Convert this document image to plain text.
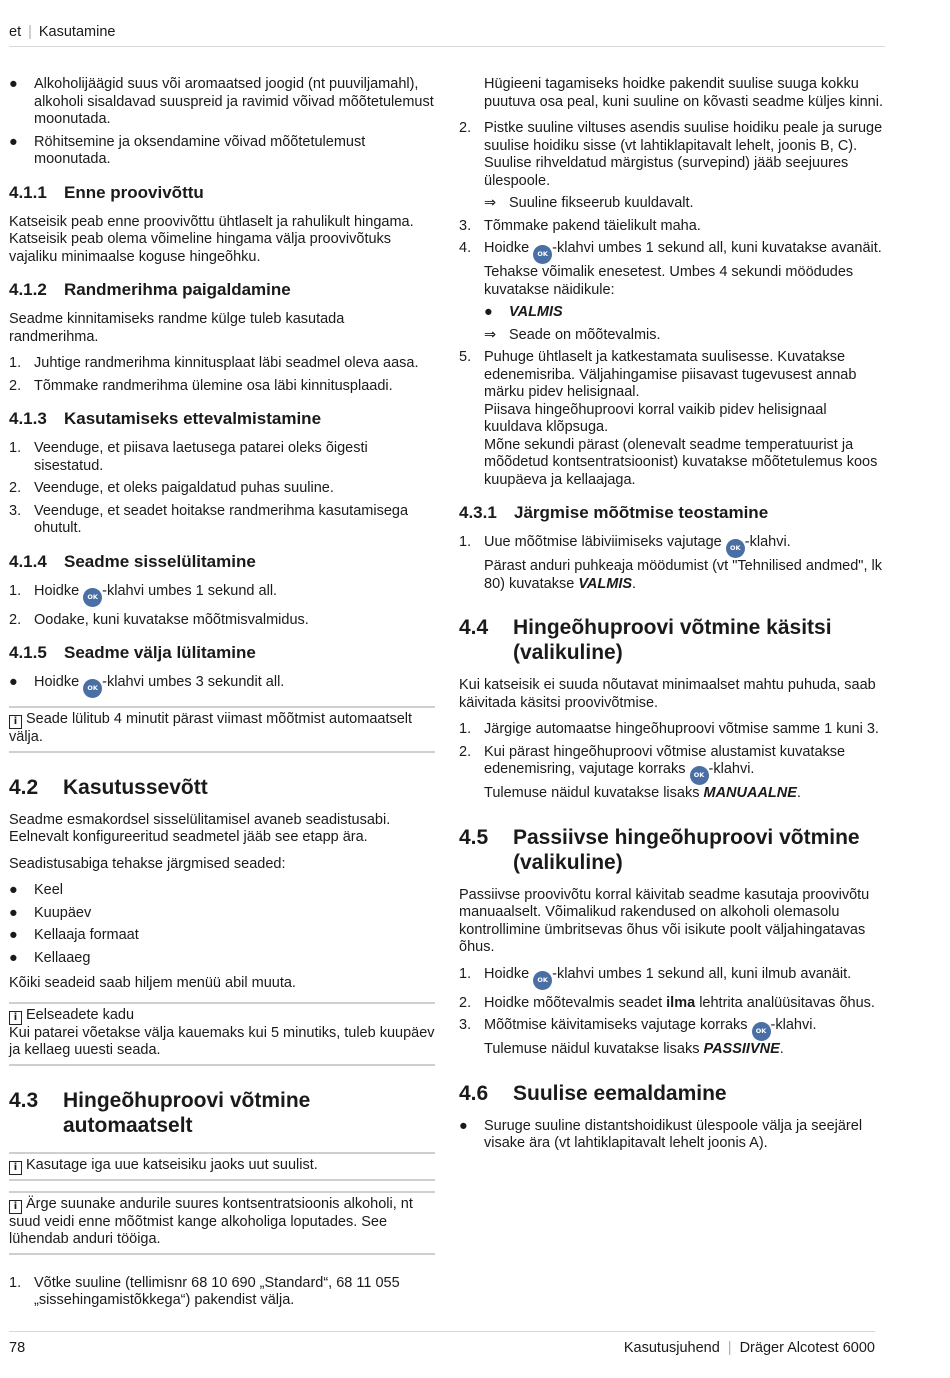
et | Kasutamine
● Alkoholijäägid suus või aromaatsed joogid (nt puuviljamahl), alkoholi sisaldavad suuspreid ja ravimid võivad mõõtetulemust moonutada.
● Röhitsemine ja oksendamine võivad mõõtetulemust moonutada.
4.1.1 Enne proovivõttu

Katseisik peab enne proovivõttu ühtlaselt ja rahulikult hingama. Katseisik peab olema võimeline hingama välja proovivõtuks vajaliku minimaalse koguse hingeõhku.

4.1.2 Randmerihma paigaldamine

Seadme kinnitamiseks randme külge tuleb kasutada randmerihma.

1. Juhtige randmerihma kinnitusplaat läbi seadmel oleva aasa.
2. Tõmmake randmerihma ülemine osa läbi kinnitusplaadi.
4.1.3 Kasutamiseks ettevalmistamine
1. Veenduge, et piisava laetusega patarei oleks õigesti sisestatud.
2. Veenduge, et oleks paigaldatud puhas suuline.
3. Veenduge, et seadet hoitakse randmerihma kasutamisega ohutult.
4.1.4 Seadme sisselülitamine
1. Hoidke OK -klahvi umbes 1 sekund all.
2. Oodake, kuni kuvatakse mõõtmisvalmidus.
4.1.5 Seadme välja lülitamine
● Hoidke OK -klahvi umbes 3 sekundit all.
i Seade lülitub 4 minutit pärast viimast mõõtmist automaatselt välja.
4.2 Kasutussevõtt

Seadme esmakordsel sisselülitamisel avaneb seadistusabi. Eelnevalt konfigureeritud seadmetel jääb see etapp ära.

Seadistusabiga tehakse järgmised seaded:

● Keel
● Kuupäev
● Kellaaja formaat
● Kellaaeg

Kõiki seadeid saab hiljem menüü abil muuta.

i Eelseadete kadu
Kui patarei võetakse välja kauemaks kui 5 minutiks, tuleb kuupäev ja kellaeg uuesti seada.
4.3 Hingeõhuproovi võtmine
automaatselt
i Kasutage iga uue katseisiku jaoks uut suulist.
i Ärge suunake andurile suures kontsentratsioonis alkoholi, nt suud veidi enne mõõtmist kange alkoholiga loputades. See lühendab anduri tööiga.
1. Võtke suuline (tellimisnr 68 10 690 „Standard“, 68 11 055 „sissehingamistõkkega“) pakendist välja.

Hügieeni tagamiseks hoidke pakendit suulise suuga kokku puutuva osa peal, kuni suuline on kõvasti seadme küljes kinni.

2. Pistke suuline viltuses asendis suulise hoidiku peale ja suruge suulise hoidiku sisse (vt lahtiklapitavalt lehelt, joonis B, C).
Suulise rihveldatud märgistus (survepind) jääb seejuures ülespoole.
⇒ Suuline fikseerub kuuldavalt.
3. Tõmmake pakend täielikult maha.
4. Hoidke OK -klahvi umbes 1 sekund all, kuni kuvatakse avanäit.
Tehakse võimalik enesetest. Umbes 4 sekundi möödudes kuvatakse näidikule:
● VALMIS
⇒ Seade on mõõtevalmis.
5. Puhuge ühtlaselt ja katkestamata suulisesse. Kuvatakse edenemisriba. Väljahingamise piisavast tugevusest annab märku pidev helisignaal.
Piisava hingeõhuproovi korral vaikib pidev helisignaal kuuldava klõpsuga.
Mõne sekundi pärast (olenevalt seadme temperatuurist ja mõõdetud kontsentratsioonist) kuvatakse mõõtetulemus koos kuupäeva ja kellaajaga.
4.3.1 Järgmise mõõtmise teostamine
1. Uue mõõtmise läbiviimiseks vajutage OK -klahvi.
Pärast anduri puhkeaja möödumist (vt "Tehnilised andmed", lk 80) kuvatakse VALMIS.
4.4 Hingeõhuproovi võtmine käsitsi
(valikuline)

Kui katseisik ei suuda nõutavat minimaalset mahtu puhuda, saab käivitada käsitsi proovivõtmise.

1. Järgige automaatse hingeõhuproovi võtmise samme 1 kuni 3.
2. Kui pärast hingeõhuproovi võtmise alustamist kuvatakse edenemisring, vajutage korraks OK -klahvi.
Tulemuse näidul kuvatakse lisaks MANUAALNE.
4.5 Passiivse hingeõhuproovi võtmine
(valikuline)

Passiivse proovivõtu korral käivitab seadme kasutaja proovivõtu manuaalselt. Võimalikud rakendused on alkoholi olemasolu kontrollimine ümbritsevas õhus või isikute poolt väljahingatavas õhus.

1. Hoidke OK -klahvi umbes 1 sekund all, kuni ilmub avanäit.
2. Hoidke mõõtevalmis seadet ilma lehtrita analüüsitavas õhus.
3. Mõõtmise käivitamiseks vajutage korraks OK -klahvi.
Tulemuse näidul kuvatakse lisaks PASSIIVNE.
4.6 Suulise eemaldamine
● Suruge suuline distantshoidikust ülespoole välja ja seejärel visake ära (vt lahtiklapitavalt lehelt joonis A).
78	Kasutusjuhend | Dräger Alcotest 6000
